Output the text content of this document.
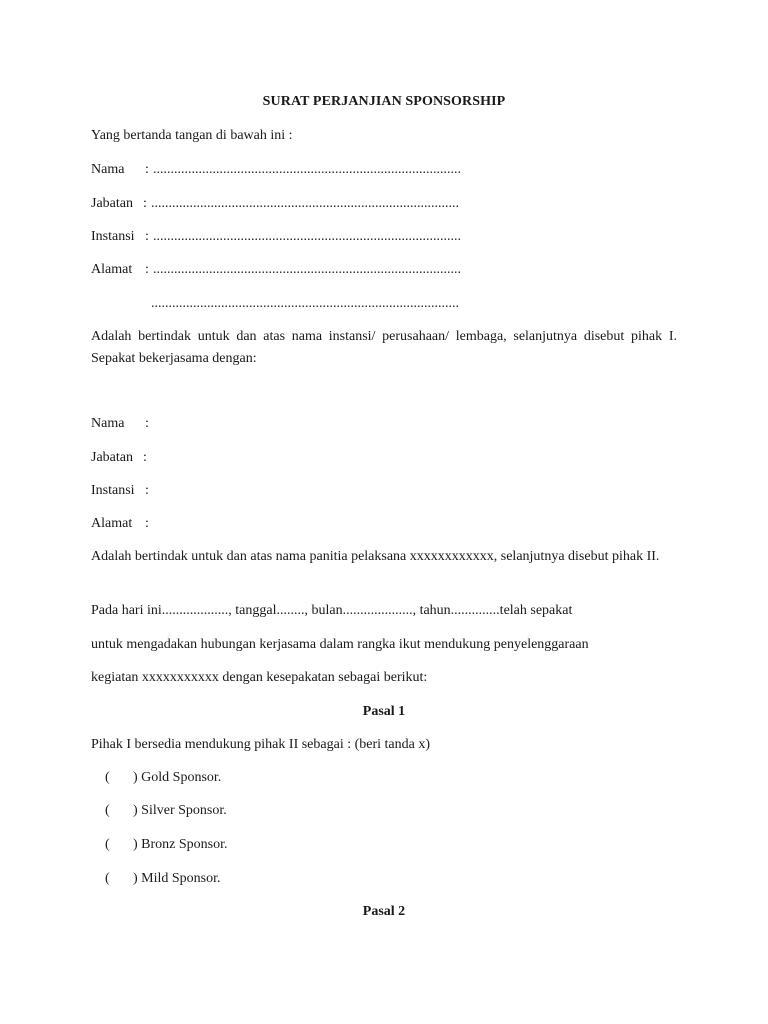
SURAT PERJANJIAN SPONSORSHIP
Yang bertanda tangan di bawah ini :
Nama : ........................................................................................
Jabatan : ........................................................................................
Instansi : ........................................................................................
Alamat : ........................................................................................
........................................................................................
Adalah bertindak untuk dan atas nama instansi/ perusahaan/ lembaga, selanjutnya disebut pihak I. Sepakat bekerjasama dengan:
Nama :
Jabatan :
Instansi :
Alamat :
Adalah bertindak untuk dan atas nama panitia pelaksana xxxxxxxxxxxx, selanjutnya disebut pihak II.
Pada hari ini..................., tanggal........, bulan...................., tahun..............telah sepakat
untuk mengadakan hubungan kerjasama dalam rangka ikut mendukung penyelenggaraan
kegiatan xxxxxxxxxxx dengan kesepakatan sebagai berikut:
Pasal 1
Pihak I bersedia mendukung pihak II sebagai : (beri tanda x)
( ) Gold Sponsor.
( ) Silver Sponsor.
( ) Bronz Sponsor.
( ) Mild Sponsor.
Pasal 2
